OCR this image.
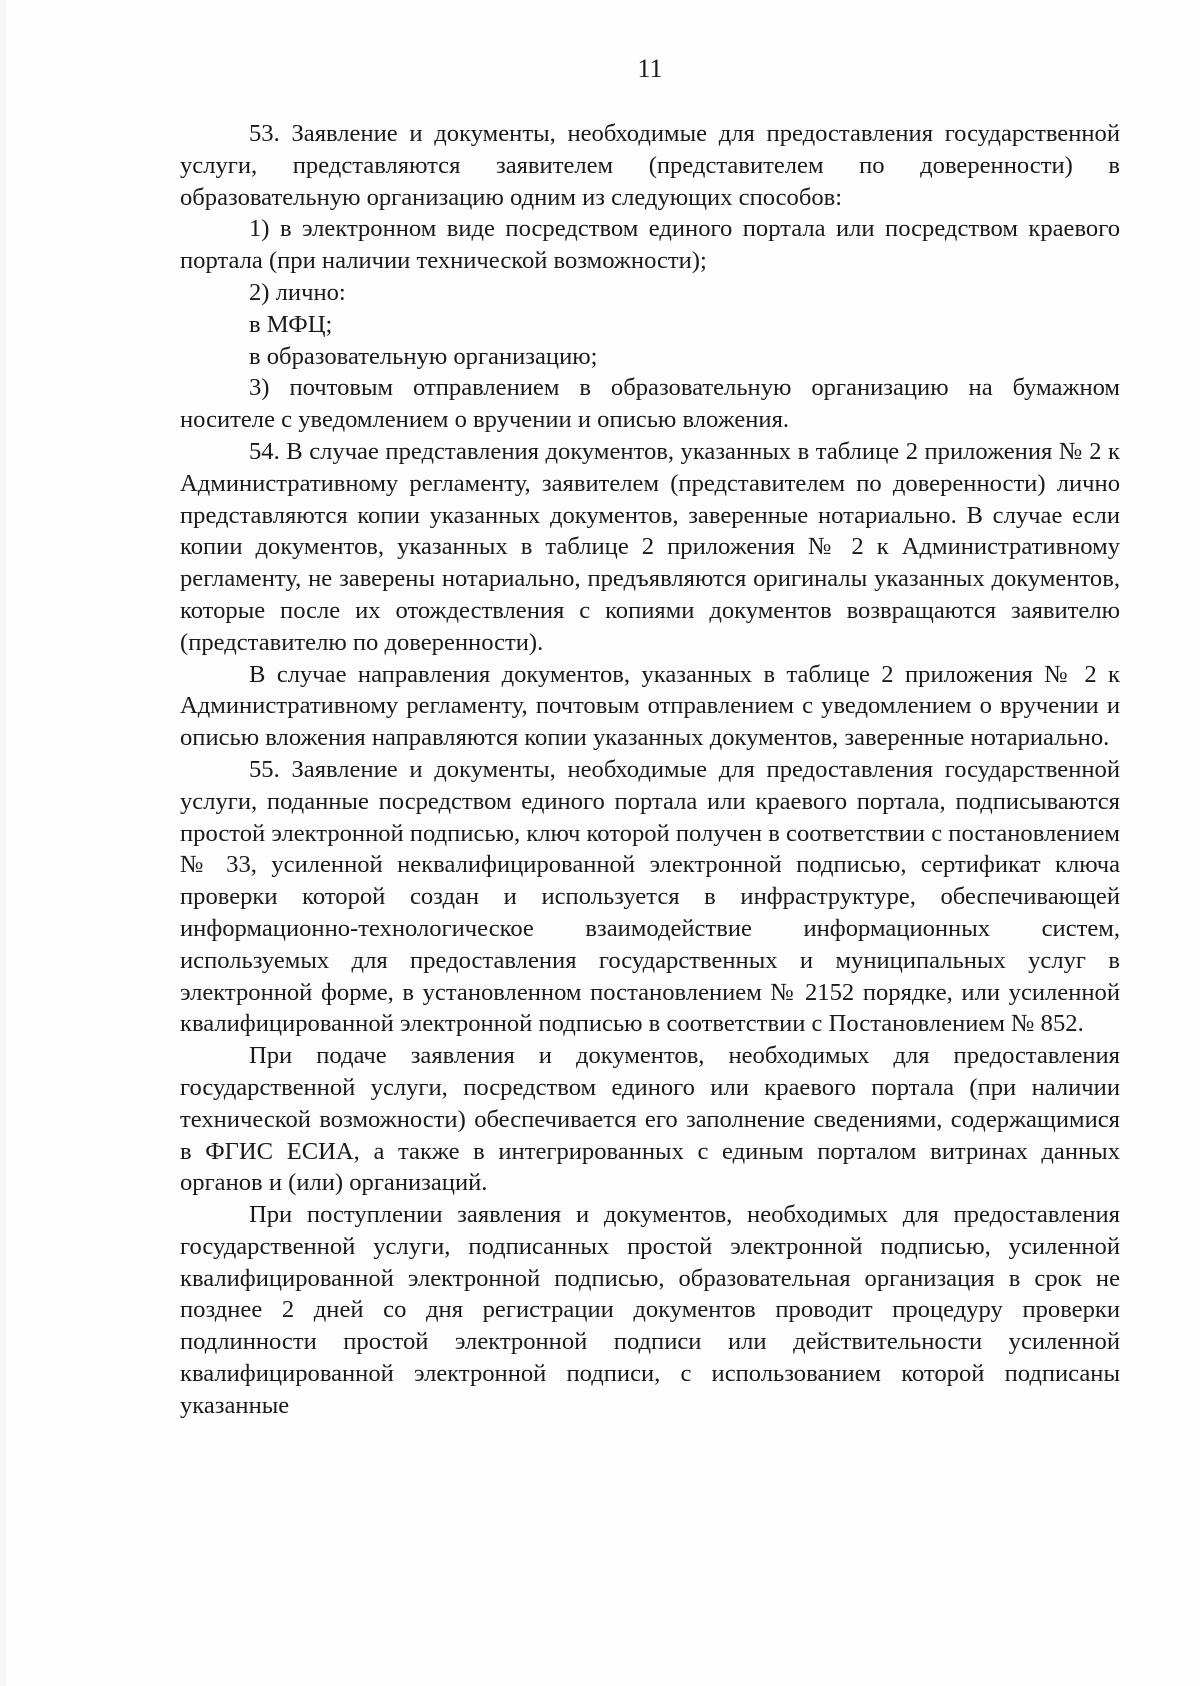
11

53. Заявление и документы, необходимые для предоставления государственной услуги, представляются заявителем (представителем по доверенности) в образовательную организацию одним из следующих способов:

1) в электронном виде посредством единого портала или посредством краевого портала (при наличии технической возможности);

2) лично:

в МФЦ;

в образовательную организацию;

3) почтовым отправлением в образовательную организацию на бумажном носителе с уведомлением о вручении и описью вложения.

54. В случае представления документов, указанных в таблице 2 приложения № 2 к Административному регламенту, заявителем (представителем по доверенности) лично представляются копии указанных документов, заверенные нотариально. В случае если копии документов, указанных в таблице 2 приложения № 2 к Административному регламенту, не заверены нотариально, предъявляются оригиналы указанных документов, которые после их отождествления с копиями документов возвращаются заявителю (представителю по доверенности).

В случае направления документов, указанных в таблице 2 приложения № 2 к Административному регламенту, почтовым отправлением с уведомлением о вручении и описью вложения направляются копии указанных документов, заверенные нотариально.

55. Заявление и документы, необходимые для предоставления государственной услуги, поданные посредством единого портала или краевого портала, подписываются простой электронной подписью, ключ которой получен в соответствии с постановлением № 33, усиленной неквалифицированной электронной подписью, сертификат ключа проверки которой создан и используется в инфраструктуре, обеспечивающей информационно-технологическое взаимодействие информационных систем, используемых для предоставления государственных и муниципальных услуг в электронной форме, в установленном постановлением № 2152 порядке, или усиленной квалифицированной электронной подписью в соответствии с Постановлением № 852.

При подаче заявления и документов, необходимых для предоставления государственной услуги, посредством единого или краевого портала (при наличии технической возможности) обеспечивается его заполнение сведениями, содержащимися в ФГИС ЕСИА, а также в интегрированных с единым порталом витринах данных органов и (или) организаций.

При поступлении заявления и документов, необходимых для предоставления государственной услуги, подписанных простой электронной подписью, усиленной квалифицированной электронной подписью, образовательная организация в срок не позднее 2 дней со дня регистрации документов проводит процедуру проверки подлинности простой электронной подписи или действительности усиленной квалифицированной электронной подписи, с использованием которой подписаны указанные
